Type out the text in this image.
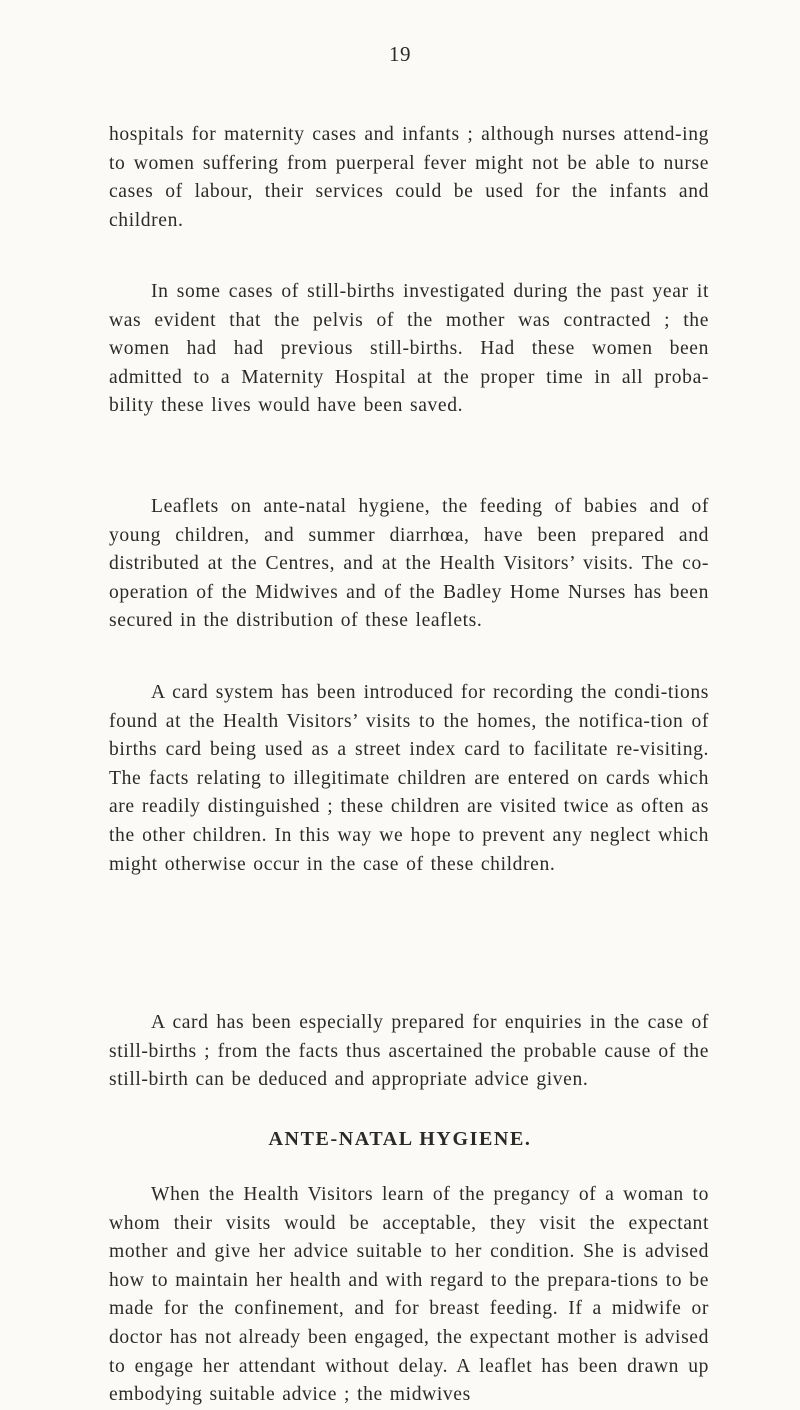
19

hospitals for maternity cases and infants ; although nurses attend-ing to women suffering from puerperal fever might not be able to nurse cases of labour, their services could be used for the infants and children.

In some cases of still-births investigated during the past year it was evident that the pelvis of the mother was contracted ; the women had had previous still-births. Had these women been admitted to a Maternity Hospital at the proper time in all proba-bility these lives would have been saved.

Leaflets on ante-natal hygiene, the feeding of babies and of young children, and summer diarrhœa, have been prepared and distributed at the Centres, and at the Health Visitors’ visits. The co-operation of the Midwives and of the Badley Home Nurses has been secured in the distribution of these leaflets.

A card system has been introduced for recording the condi-tions found at the Health Visitors’ visits to the homes, the notifica-tion of births card being used as a street index card to facilitate re-visiting. The facts relating to illegitimate children are entered on cards which are readily distinguished ; these children are visited twice as often as the other children. In this way we hope to prevent any neglect which might otherwise occur in the case of these children.

A card has been especially prepared for enquiries in the case of still-births ; from the facts thus ascertained the probable cause of the still-birth can be deduced and appropriate advice given.

ANTE-NATAL HYGIENE.

When the Health Visitors learn of the pregancy of a woman to whom their visits would be acceptable, they visit the expectant mother and give her advice suitable to her condition. She is advised how to maintain her health and with regard to the prepara-tions to be made for the confinement, and for breast feeding. If a midwife or doctor has not already been engaged, the expectant mother is advised to engage her attendant without delay. A leaflet has been drawn up embodying suitable advice ; the midwives
